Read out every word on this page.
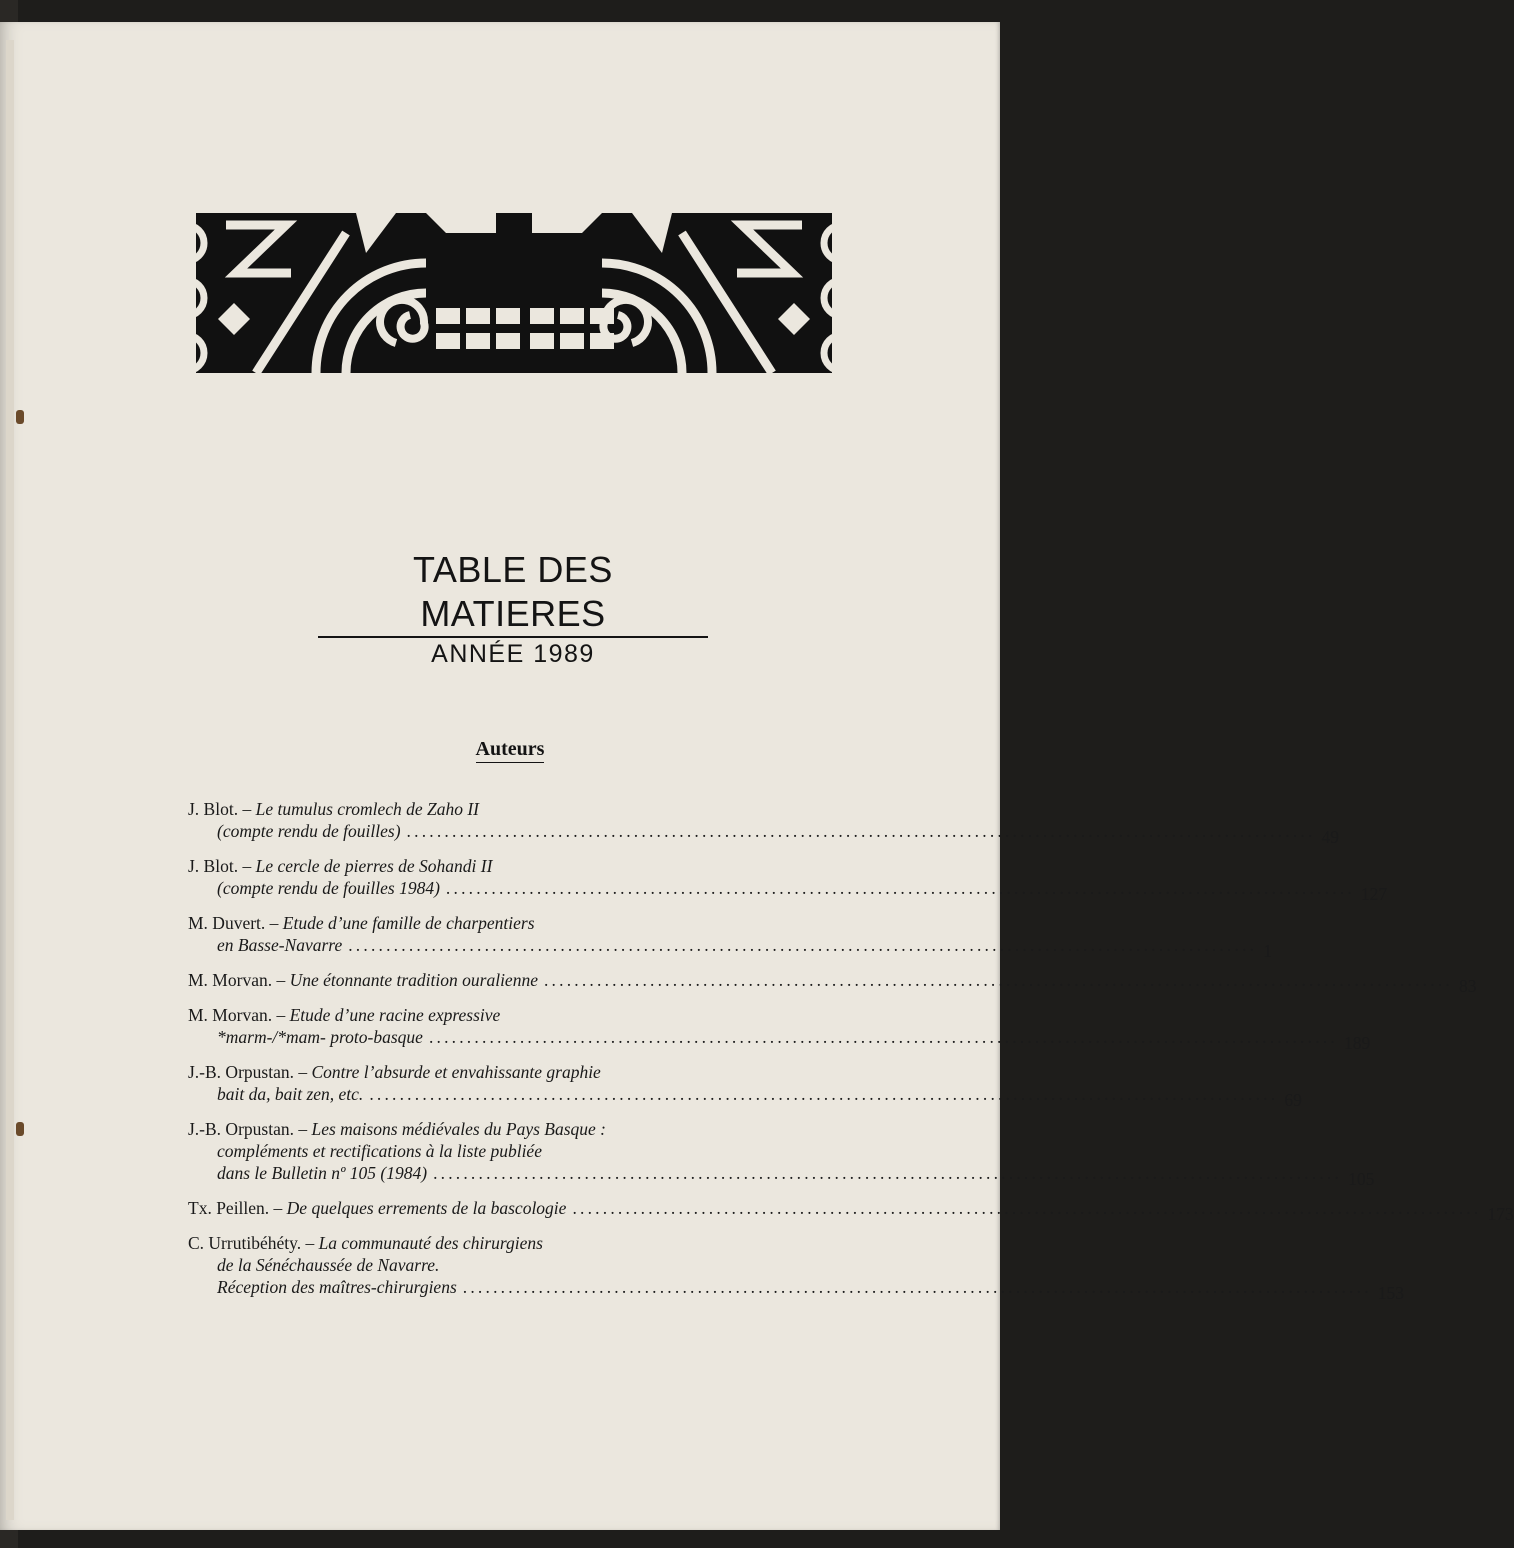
TABLE DES MATIERES
ANNÉE 1989
Auteurs
J. Blot. – Le tumulus cromlech de Zaho II
(compte rendu de fouilles) ........................................................................................................................ 49
J. Blot. – Le cercle de pierres de Sohandi II
(compte rendu de fouilles 1984) ........................................................................................................................ 127
M. Duvert. – Etude d’une famille de charpentiers
en Basse-Navarre ........................................................................................................................ 1
M. Morvan. – Une étonnante tradition ouralienne ........................................................................................................................ 83
M. Morvan. – Etude d’une racine expressive
*marm-/*mam- proto-basque ........................................................................................................................ 189
J.-B. Orpustan. – Contre l’absurde et envahissante graphie
bait da, bait zen, etc. ........................................................................................................................ 69
J.-B. Orpustan. – Les maisons médiévales du Pays Basque :
compléments et rectifications à la liste publiée
dans le Bulletin nº 105 (1984) ........................................................................................................................ 105
Tx. Peillen. – De quelques errements de la bascologie ........................................................................................................................ 173
C. Urrutibéhéty. – La communauté des chirurgiens
de la Sénéchaussée de Navarre.
Réception des maîtres-chirurgiens ........................................................................................................................ 153
